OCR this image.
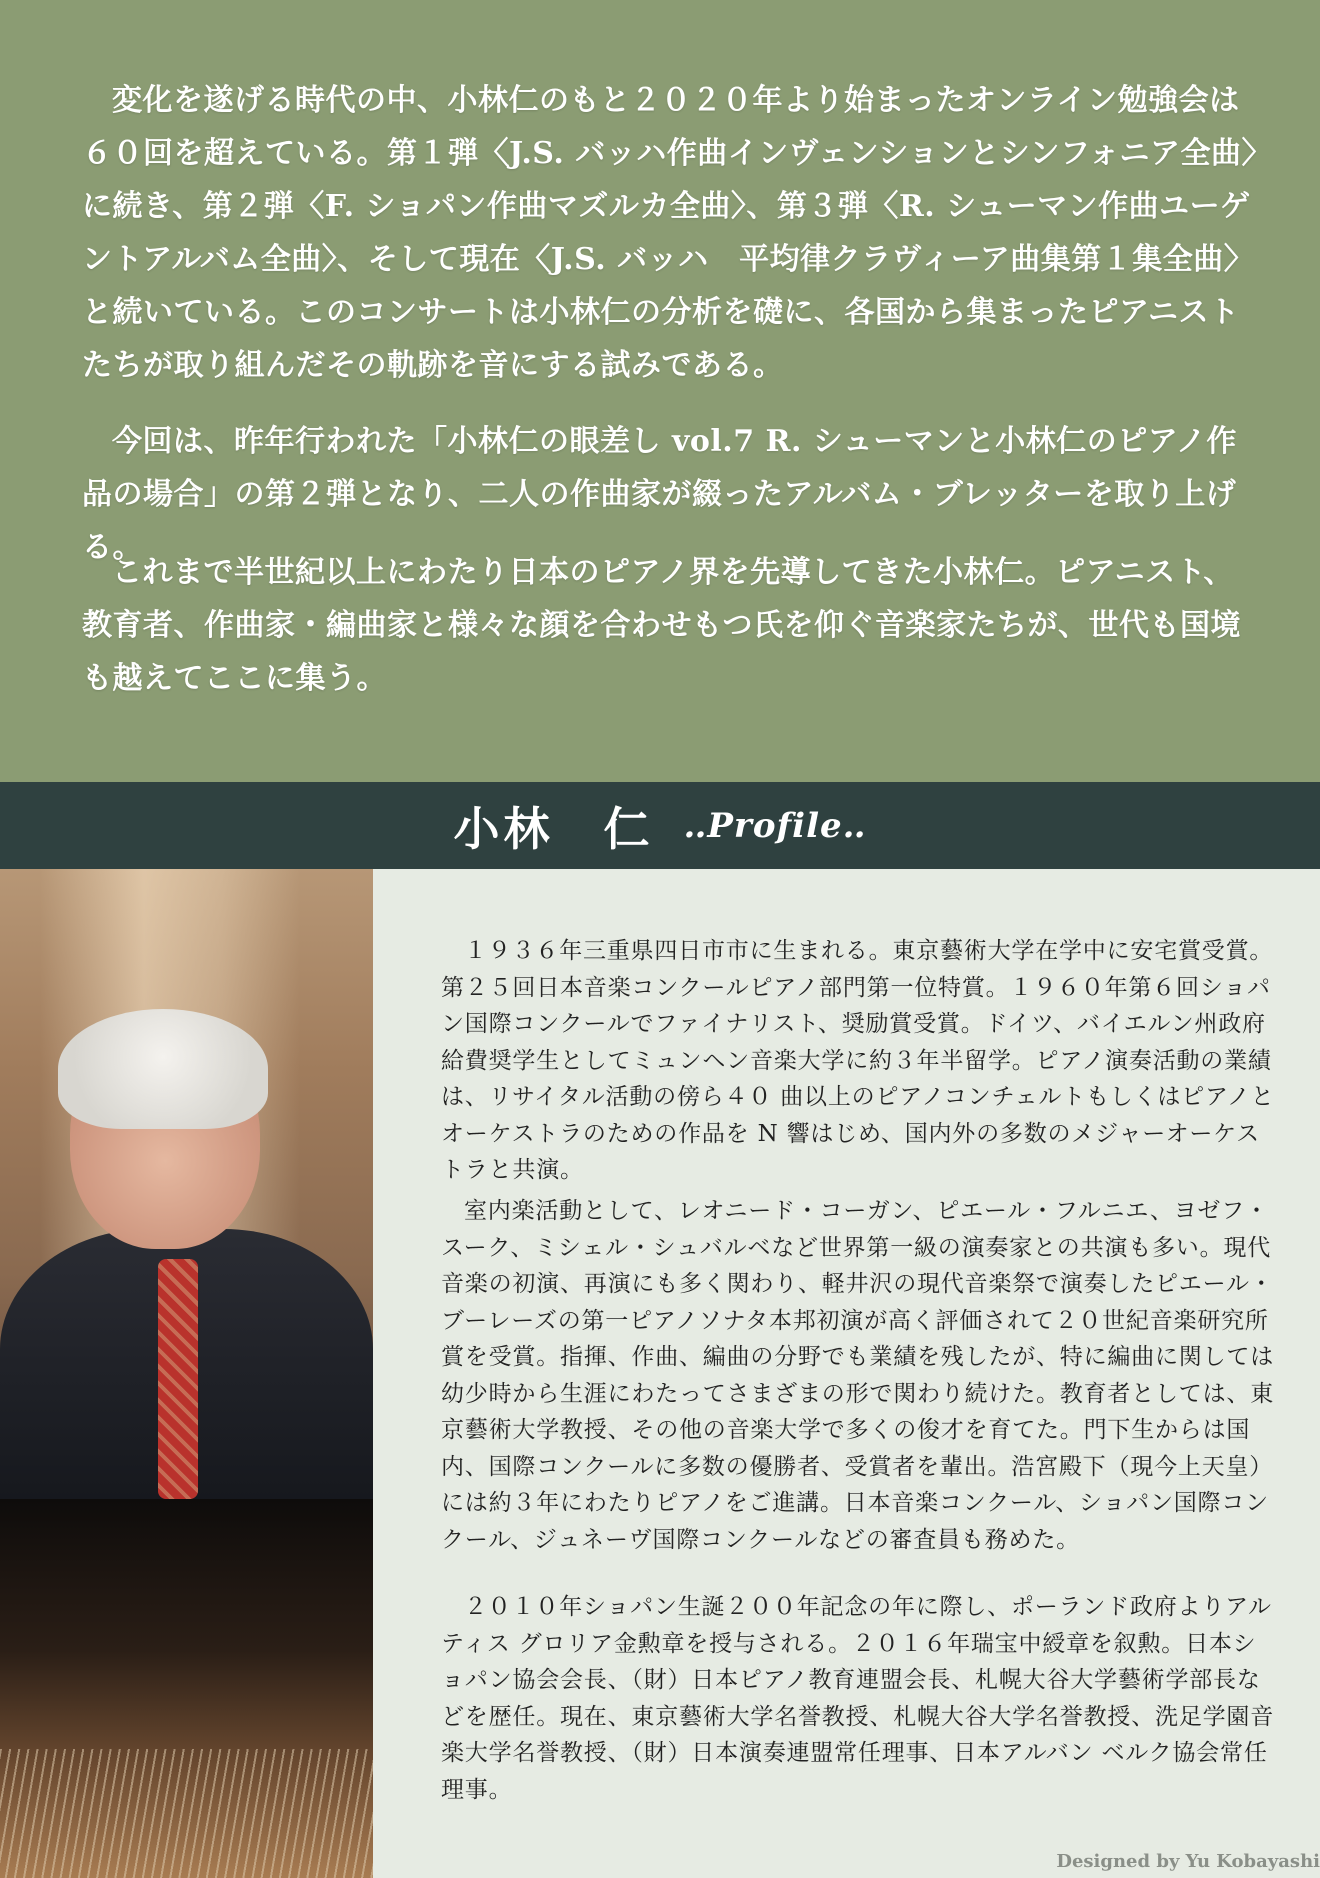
変化を遂げる時代の中、小林仁のもと２０２０年より始まったオンライン勉強会は６０回を超えている。第１弾〈J.S. バッハ作曲インヴェンションとシンフォニア全曲〉に続き、第２弾〈F. ショパン作曲マズルカ全曲〉、第３弾〈R. シューマン作曲ユーゲントアルバム全曲〉、そして現在〈J.S. バッハ　平均律クラヴィーア曲集第１集全曲〉と続いている。このコンサートは小林仁の分析を礎に、各国から集まったピアニストたちが取り組んだその軌跡を音にする試みである。

今回は、昨年行われた「小林仁の眼差し vol.7 R. シューマンと小林仁のピアノ作品の場合」の第２弾となり、二人の作曲家が綴ったアルバム・ブレッターを取り上げる。

これまで半世紀以上にわたり日本のピアノ界を先導してきた小林仁。ピアニスト、教育者、作曲家・編曲家と様々な顔を合わせもつ氏を仰ぐ音楽家たちが、世代も国境も越えてここに集う。

小林　仁 ‥Profile‥

１９３６年三重県四日市市に生まれる。東京藝術大学在学中に安宅賞受賞。第２５回日本音楽コンクールピアノ部門第一位特賞。１９６０年第６回ショパン国際コンクールでファイナリスト、奨励賞受賞。ドイツ、バイエルン州政府給費奨学生としてミュンヘン音楽大学に約３年半留学。ピアノ演奏活動の業績は、リサイタル活動の傍ら４０ 曲以上のピアノコンチェルトもしくはピアノとオーケストラのための作品を N 響はじめ、国内外の多数のメジャーオーケストラと共演。

室内楽活動として、レオニード・コーガン、ピエール・フルニエ、ヨゼフ・スーク、ミシェル・シュバルベなど世界第一級の演奏家との共演も多い。現代音楽の初演、再演にも多く関わり、軽井沢の現代音楽祭で演奏したピエール・ブーレーズの第一ピアノソナタ本邦初演が高く評価されて２０世紀音楽研究所賞を受賞。指揮、作曲、編曲の分野でも業績を残したが、特に編曲に関しては幼少時から生涯にわたってさまざまの形で関わり続けた。教育者としては、東京藝術大学教授、その他の音楽大学で多くの俊才を育てた。門下生からは国内、国際コンクールに多数の優勝者、受賞者を輩出。浩宮殿下（現今上天皇）には約３年にわたりピアノをご進講。日本音楽コンクール、ショパン国際コンクール、ジュネーヴ国際コンクールなどの審査員も務めた。

２０１０年ショパン生誕２００年記念の年に際し、ポーランド政府よりアルティス グロリア金勲章を授与される。２０１６年瑞宝中綬章を叙勲。日本ショパン協会会長、（財）日本ピアノ教育連盟会長、札幌大谷大学藝術学部長などを歴任。現在、東京藝術大学名誉教授、札幌大谷大学名誉教授、洗足学園音楽大学名誉教授、（財）日本演奏連盟常任理事、日本アルバン ベルク協会常任理事。

Designed by Yu Kobayashi
